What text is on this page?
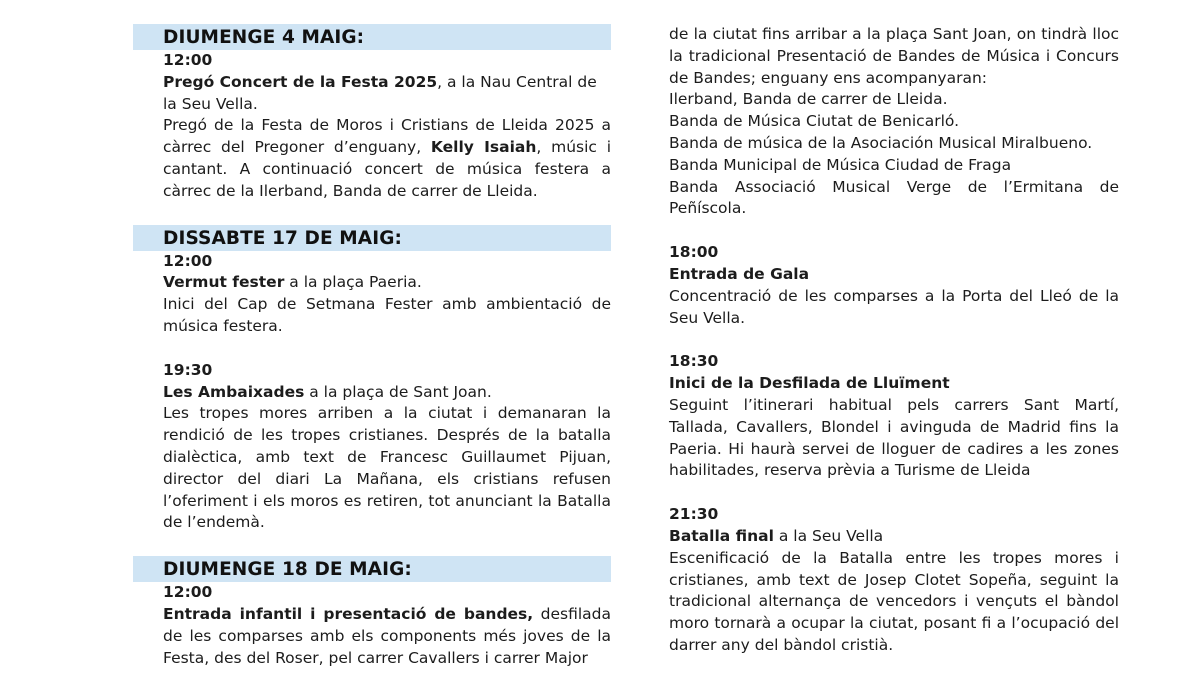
DIUMENGE 4 MAIG:
12:00
Pregó Concert de la Festa 2025, a la Nau Central de la Seu Vella.
Pregó de la Festa de Moros i Cristians de Lleida 2025 a càrrec del Pregoner d’enguany, Kelly Isaiah, músic i cantant. A continuació concert de música festera a càrrec de la Ilerband, Banda de carrer de Lleida.
DISSABTE 17 DE MAIG:
12:00
Vermut fester a la plaça Paeria.
Inici del Cap de Setmana Fester amb ambientació de música festera.
19:30
Les Ambaixades a la plaça de Sant Joan.
Les tropes mores arriben a la ciutat i demanaran la rendició de les tropes cristianes. Després de la batalla dialèctica, amb text de Francesc Guillaumet Pijuan, director del diari La Mañana, els cristians refusen l’oferiment i els moros es retiren, tot anunciant la Batalla de l’endemà.
DIUMENGE 18 DE MAIG:
12:00
Entrada infantil i presentació de bandes, desfilada de les comparses amb els components més joves de la Festa, des del Roser, pel carrer Cavallers i carrer Major
de la ciutat fins arribar a la plaça Sant Joan, on tindrà lloc la tradicional Presentació de Bandes de Música i Concurs de Bandes; enguany ens acompanyaran:
Ilerband, Banda de carrer de Lleida.
Banda de Música Ciutat de Benicarló.
Banda de música de la Asociación Musical Miralbueno.
Banda Municipal de Música Ciudad de Fraga
Banda Associació Musical Verge de l’Ermitana de Peñíscola.
18:00
Entrada de Gala
Concentració de les comparses a la Porta del Lleó de la Seu Vella.
18:30
Inici de la Desfilada de Lluïment
Seguint l’itinerari habitual pels carrers Sant Martí, Tallada, Cavallers, Blondel i avinguda de Madrid fins la Paeria. Hi haurà servei de lloguer de cadires a les zones habilitades, reserva prèvia a Turisme de Lleida
21:30
Batalla final a la Seu Vella
Escenificació de la Batalla entre les tropes mores i cristianes, amb text de Josep Clotet Sopeña, seguint la tradicional alternança de vencedors i vençuts el bàndol moro tornarà a ocupar la ciutat, posant fi a l’ocupació del darrer any del bàndol cristià.
